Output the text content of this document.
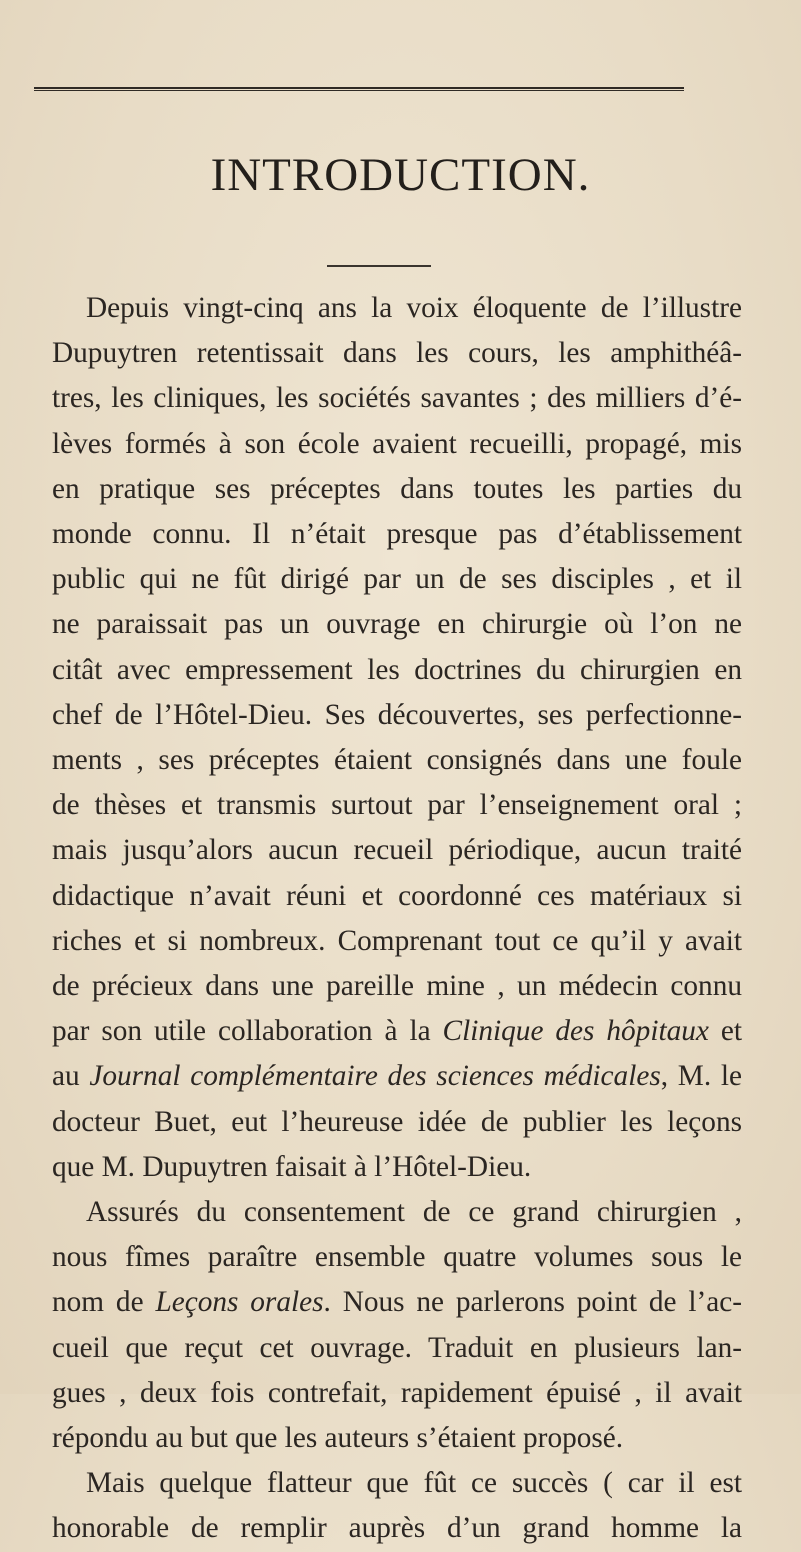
INTRODUCTION.
Depuis vingt-cinq ans la voix éloquente de l’illustre
Dupuytren retentissait dans les cours, les amphithéâ-
tres, les cliniques, les sociétés savantes ; des milliers d’é-
lèves formés à son école avaient recueilli, propagé, mis
en pratique ses préceptes dans toutes les parties du
monde connu. Il n’était presque pas d’établissement
public qui ne fût dirigé par un de ses disciples , et il
ne paraissait pas un ouvrage en chirurgie où l’on ne
citât avec empressement les doctrines du chirurgien en
chef de l’Hôtel-Dieu. Ses découvertes, ses perfectionne-
ments , ses préceptes étaient consignés dans une foule
de thèses et transmis surtout par l’enseignement oral ;
mais jusqu’alors aucun recueil périodique, aucun traité
didactique n’avait réuni et coordonné ces matériaux si
riches et si nombreux. Comprenant tout ce qu’il y avait
de précieux dans une pareille mine , un médecin connu
par son utile collaboration à la Clinique des hôpitaux et
au Journal complémentaire des sciences médicales, M. le
docteur Buet, eut l’heureuse idée de publier les leçons
que M. Dupuytren faisait à l’Hôtel-Dieu.
Assurés du consentement de ce grand chirurgien ,
nous fîmes paraître ensemble quatre volumes sous le
nom de Leçons orales. Nous ne parlerons point de l’ac-
cueil que reçut cet ouvrage. Traduit en plusieurs lan-
gues , deux fois contrefait, rapidement épuisé , il avait
répondu au but que les auteurs s’étaient proposé.
Mais quelque flatteur que fût ce succès ( car il est
honorable de remplir auprès d’un grand homme la
